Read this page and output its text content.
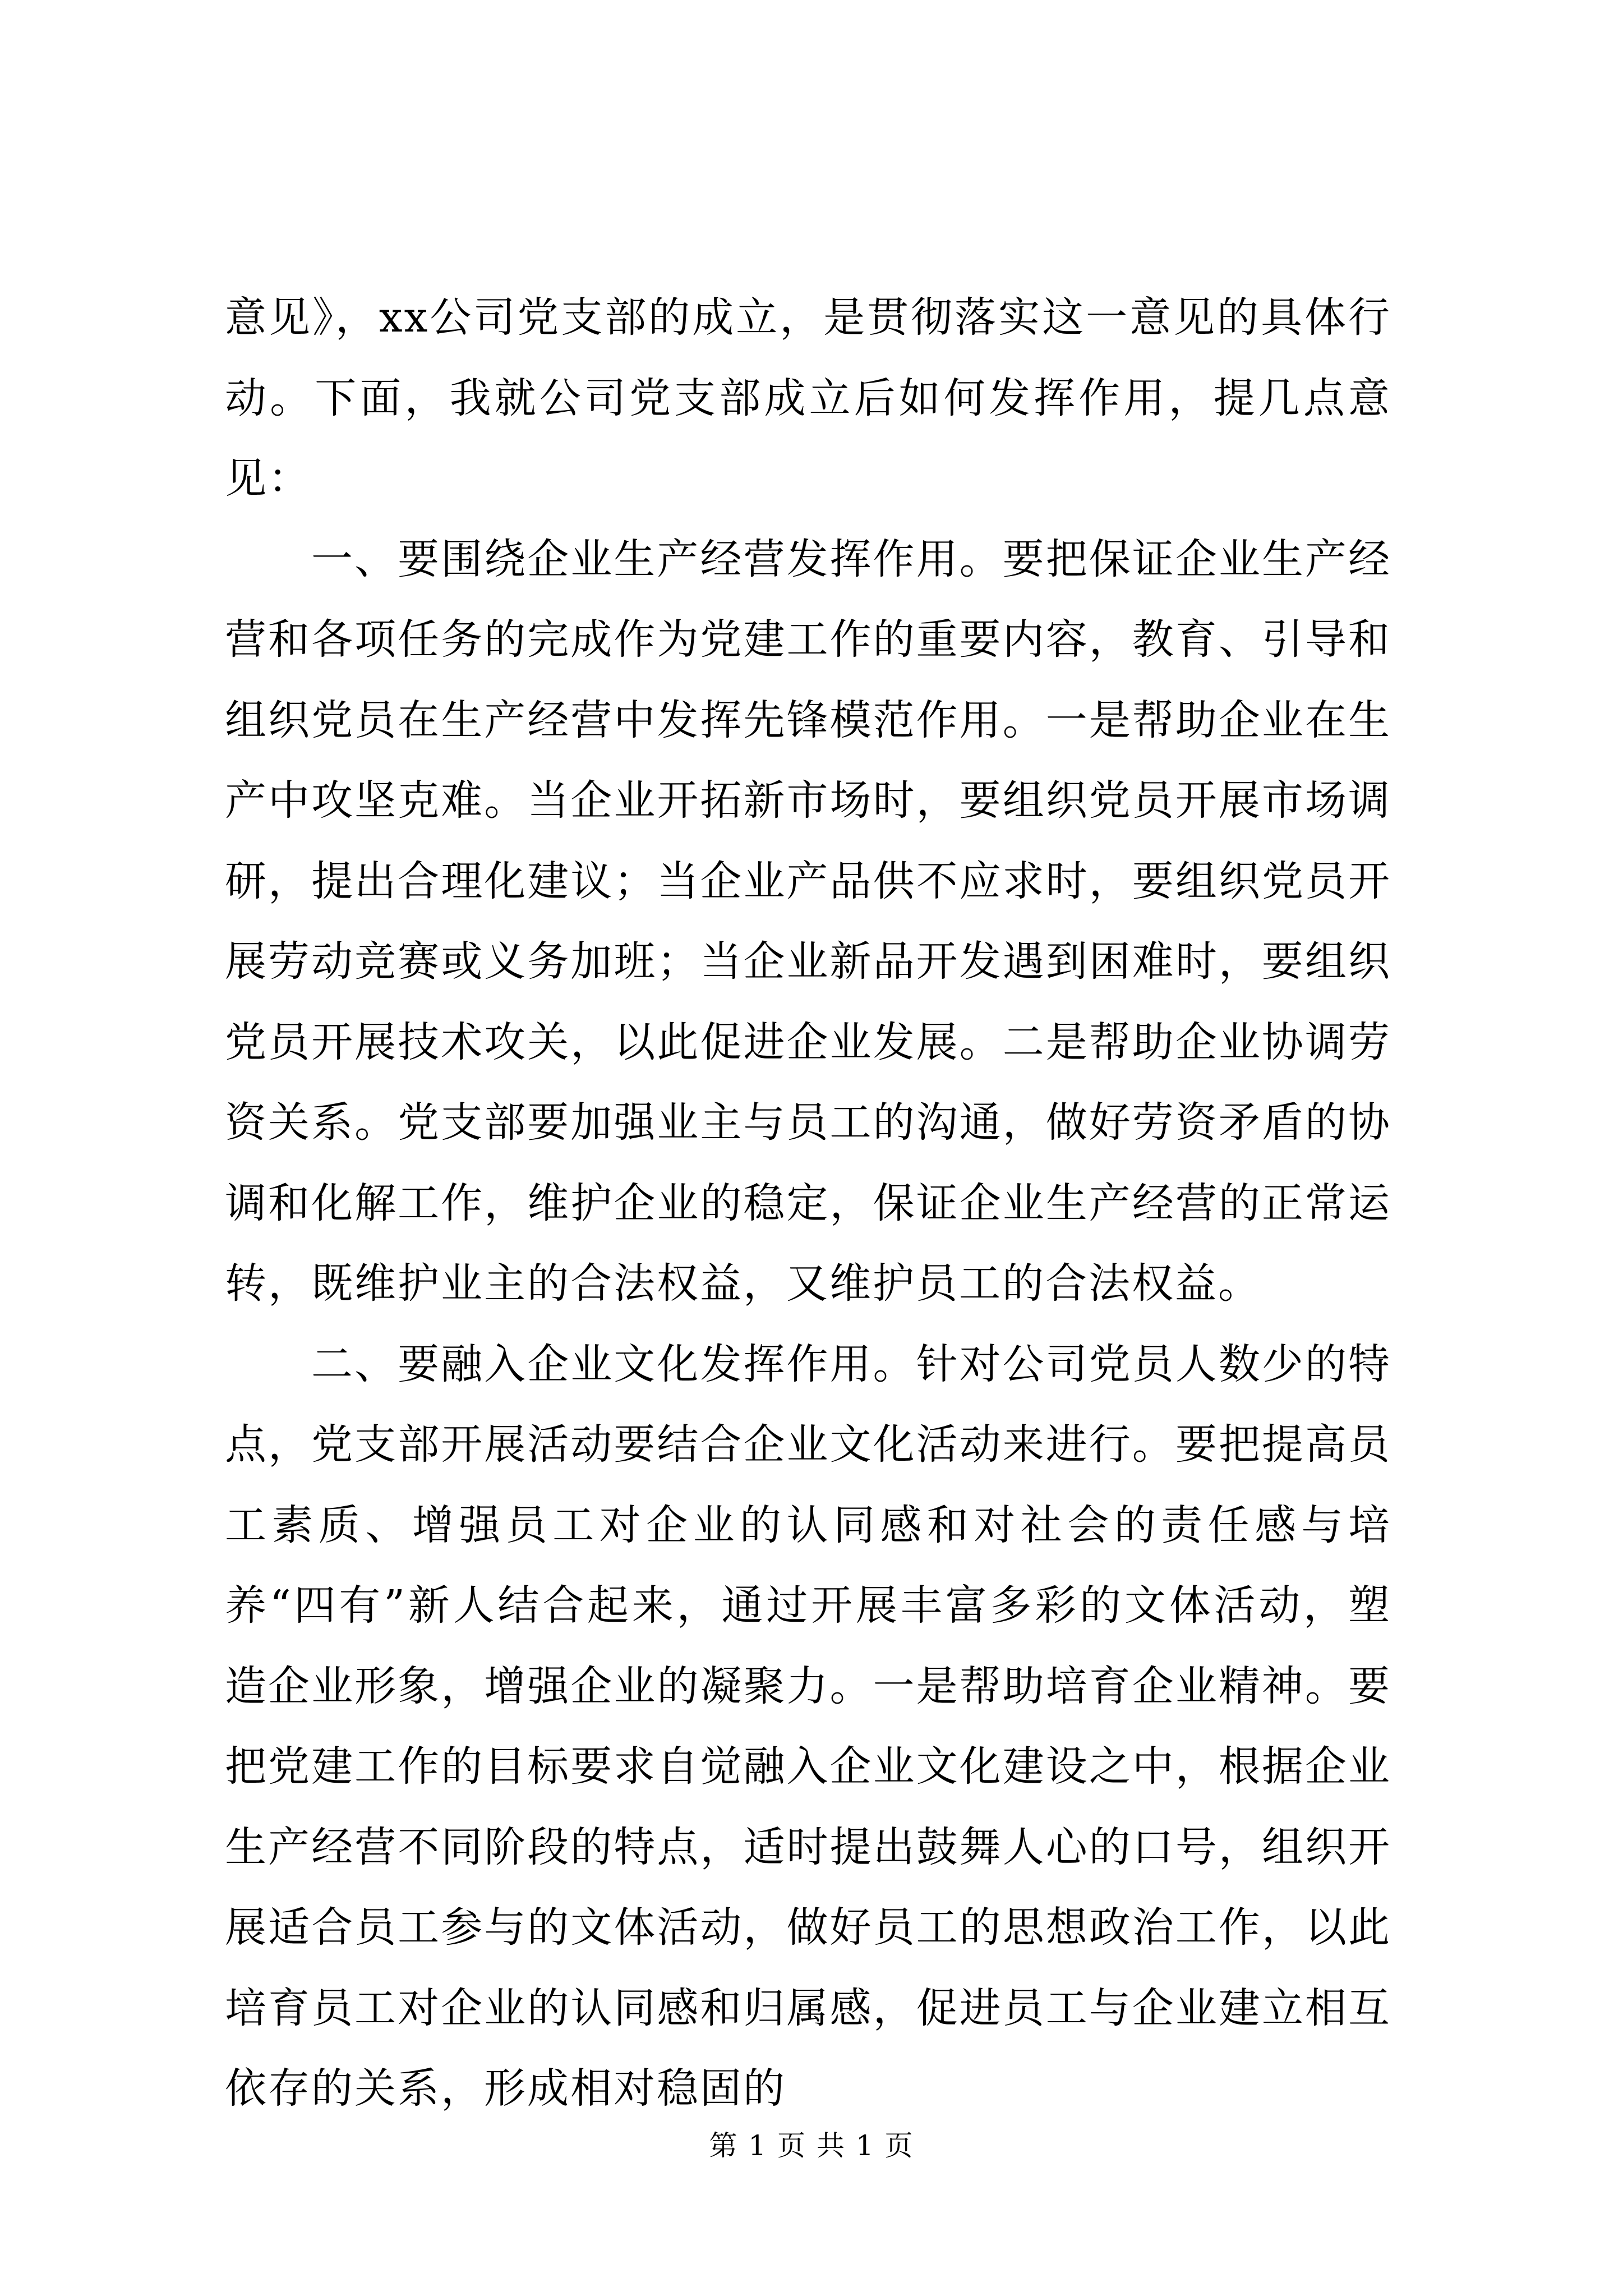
意见》，xx公司党支部的成立，是贯彻落实这一意见的具体行动。下面，我就公司党支部成立后如何发挥作用，提几点意见：

一、要围绕企业生产经营发挥作用。要把保证企业生产经营和各项任务的完成作为党建工作的重要内容，教育、引导和组织党员在生产经营中发挥先锋模范作用。一是帮助企业在生产中攻坚克难。当企业开拓新市场时，要组织党员开展市场调研，提出合理化建议；当企业产品供不应求时，要组织党员开展劳动竞赛或义务加班；当企业新品开发遇到困难时，要组织党员开展技术攻关，以此促进企业发展。二是帮助企业协调劳资关系。党支部要加强业主与员工的沟通，做好劳资矛盾的协调和化解工作，维护企业的稳定，保证企业生产经营的正常运转，既维护业主的合法权益，又维护员工的合法权益。

二、要融入企业文化发挥作用。针对公司党员人数少的特点，党支部开展活动要结合企业文化活动来进行。要把提高员工素质、增强员工对企业的认同感和对社会的责任感与培养“四有”新人结合起来，通过开展丰富多彩的文体活动，塑造企业形象，增强企业的凝聚力。一是帮助培育企业精神。要把党建工作的目标要求自觉融入企业文化建设之中，根据企业生产经营不同阶段的特点，适时提出鼓舞人心的口号，组织开展适合员工参与的文体活动，做好员工的思想政治工作，以此培育员工对企业的认同感和归属感，促进员工与企业建立相互依存的关系，形成相对稳固的

第 1 页 共 1 页
